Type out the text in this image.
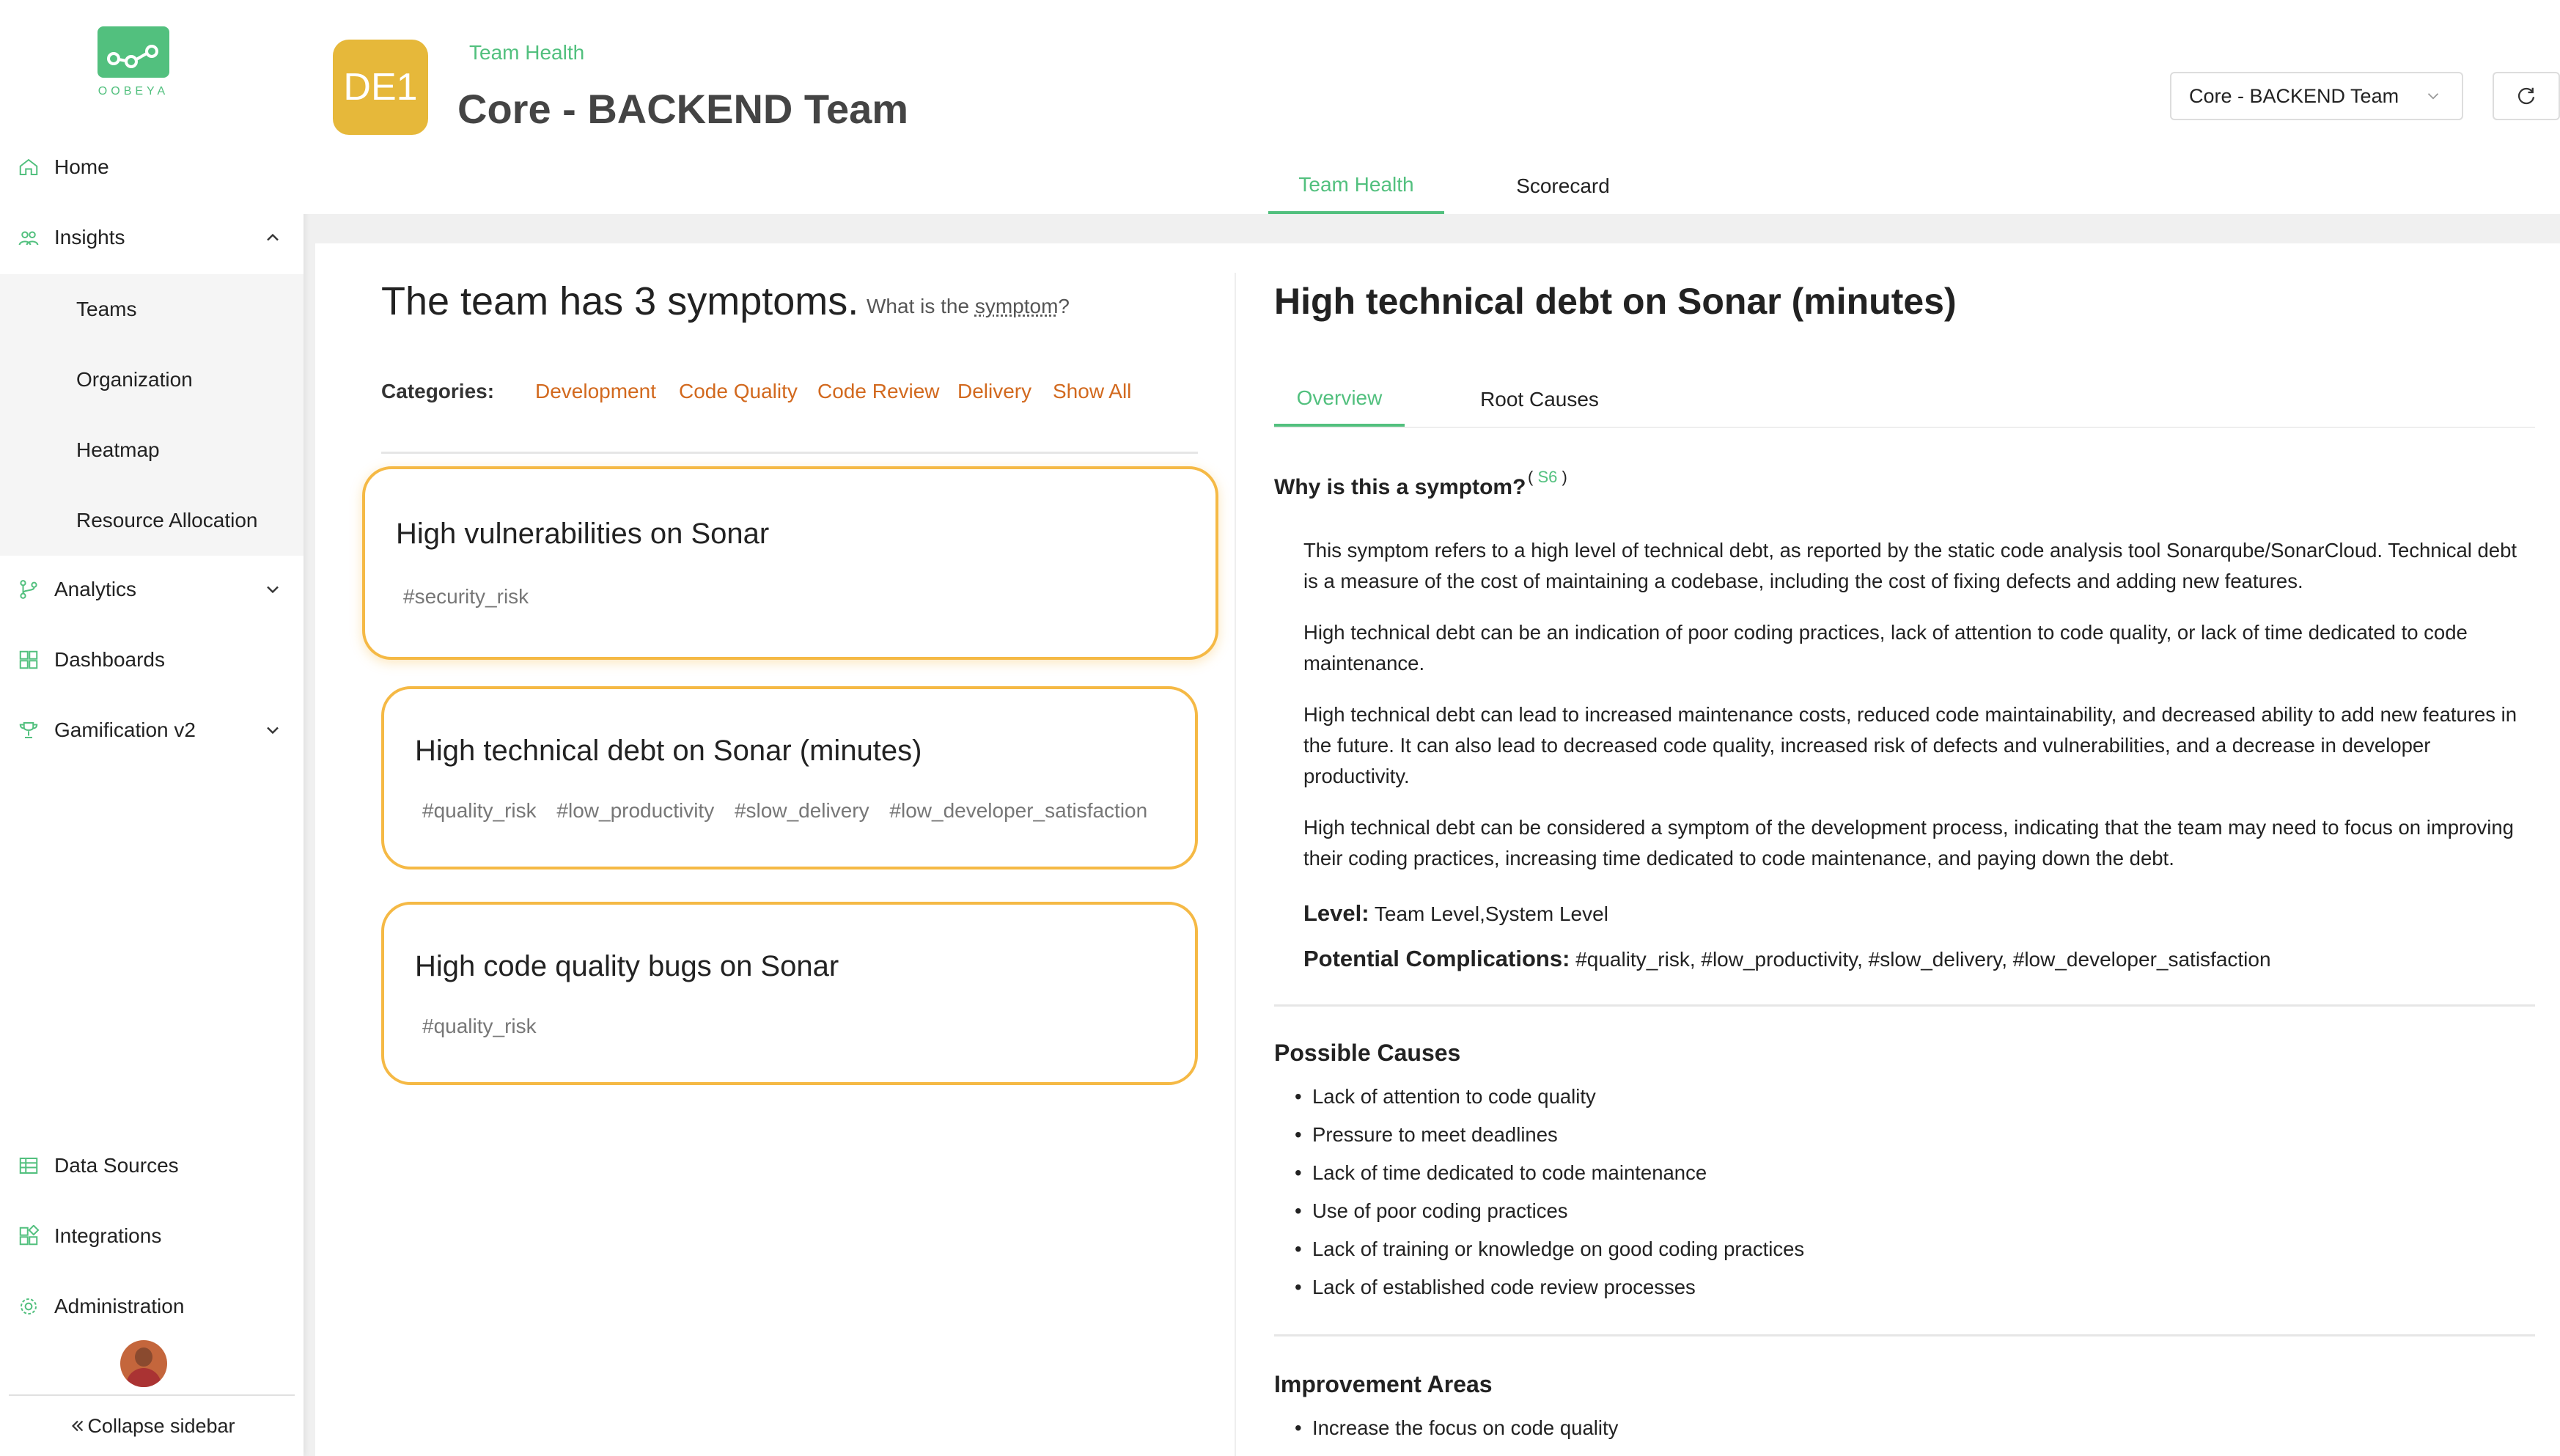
OOBEYA
Home
Insights
Teams
Organization
Heatmap
Resource Allocation
Analytics
Dashboards
Gamification v2
Data Sources
Integrations
Administration
Collapse sidebar
DE1
Team Health
Core - BACKEND Team	Core - BACKEND Team
Team Health	Scorecard
The team has 3 symptoms. What is the symptom?
Categories: Development Code Quality Code Review Delivery Show All
High vulnerabilities on Sonar
#security_risk
High technical debt on Sonar (minutes)
#quality_risk #low_productivity #slow_delivery #low_developer_satisfaction
High code quality bugs on Sonar
#quality_risk
High technical debt on Sonar (minutes)
Overview	Root Causes
Why is this a symptom? ( S6 )
This symptom refers to a high level of technical debt, as reported by the static code analysis tool Sonarqube/SonarCloud. Technical debt is a measure of the cost of maintaining a codebase, including the cost of fixing defects and adding new features.
High technical debt can be an indication of poor coding practices, lack of attention to code quality, or lack of time dedicated to code maintenance.
High technical debt can lead to increased maintenance costs, reduced code maintainability, and decreased ability to add new features in the future. It can also lead to decreased code quality, increased risk of defects and vulnerabilities, and a decrease in developer productivity.
High technical debt can be considered a symptom of the development process, indicating that the team may need to focus on improving their coding practices, increasing time dedicated to code maintenance, and paying down the debt.
Level: Team Level,System Level
Potential Complications: #quality_risk, #low_productivity, #slow_delivery, #low_developer_satisfaction
Possible Causes
• Lack of attention to code quality
• Pressure to meet deadlines
• Lack of time dedicated to code maintenance
• Use of poor coding practices
• Lack of training or knowledge on good coding practices
• Lack of established code review processes
Improvement Areas
• Increase the focus on code quality
